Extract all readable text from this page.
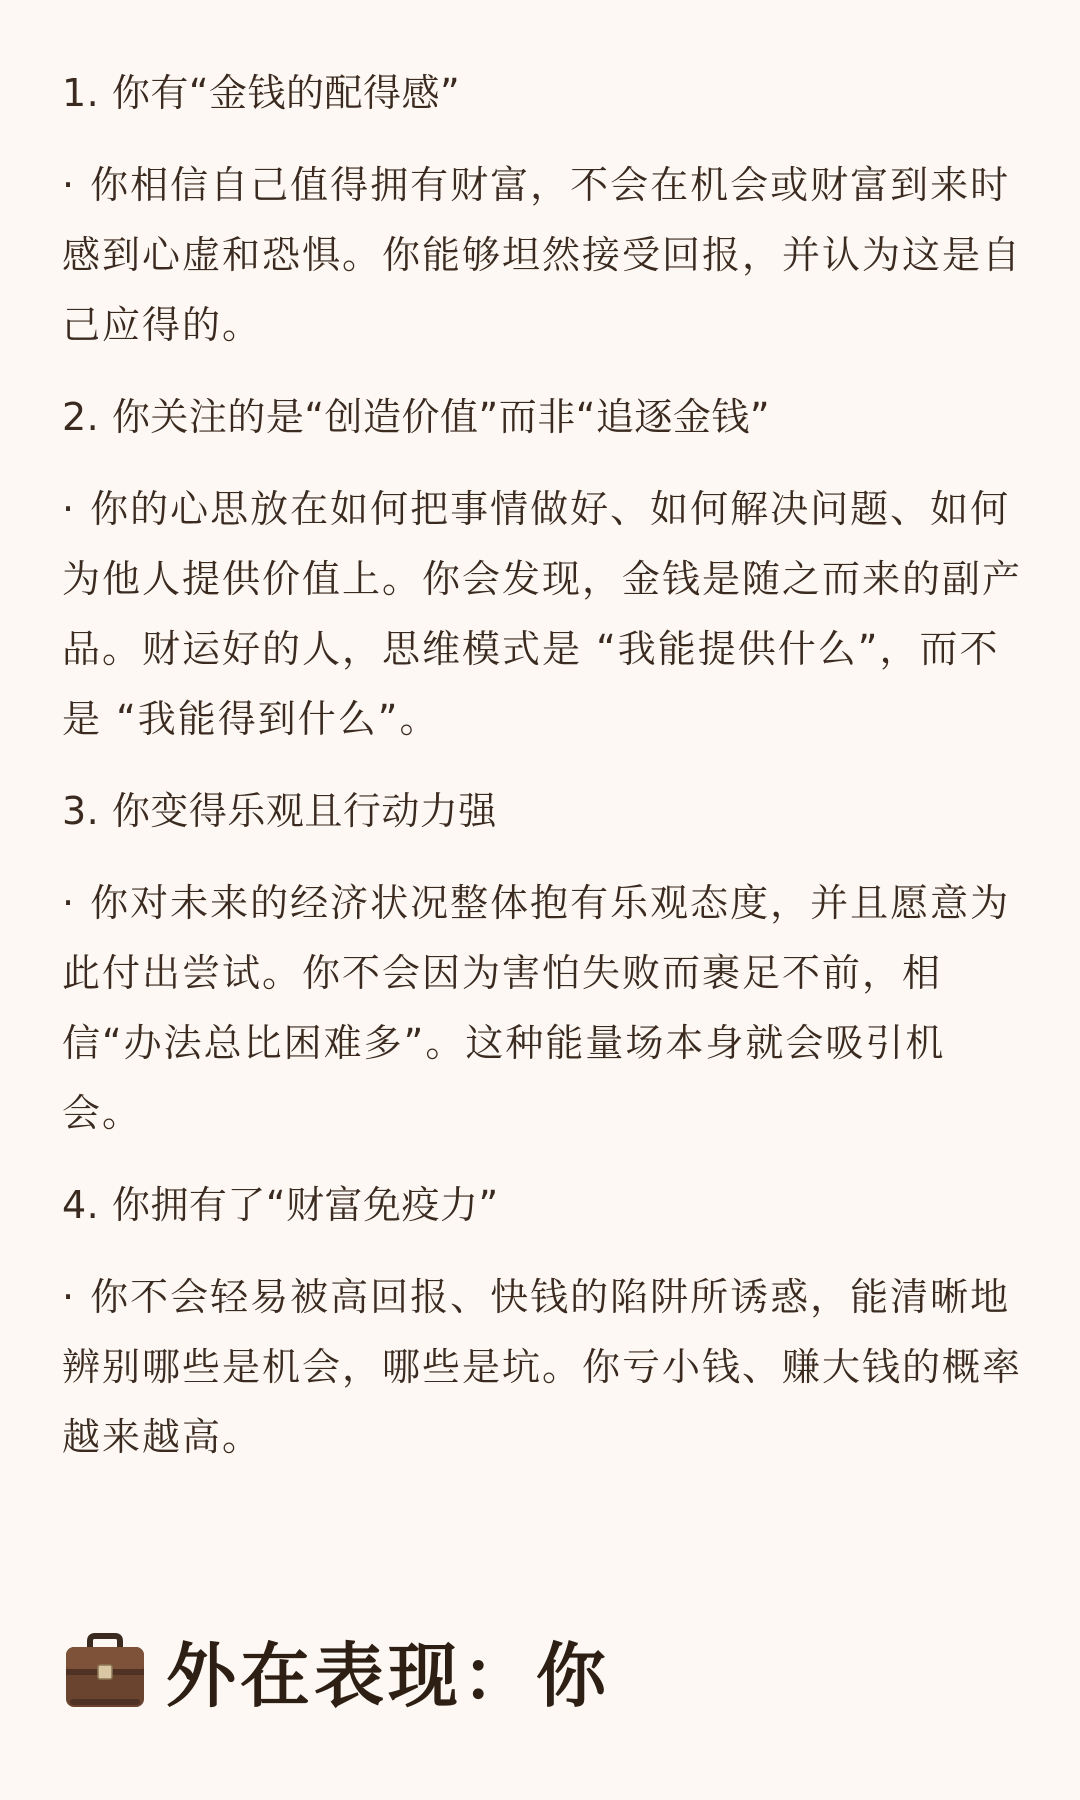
1. 你有“金钱的配得感”

· 你相信自己值得拥有财富，不会在机会或财富到来时感到心虚和恐惧。你能够坦然接受回报，并认为这是自己应得的。

2. 你关注的是“创造价值”而非“追逐金钱”

· 你的心思放在如何把事情做好、如何解决问题、如何为他人提供价值上。你会发现，金钱是随之而来的副产品。财运好的人，思维模式是 “我能提供什么”，而不是 “我能得到什么”。

3. 你变得乐观且行动力强

· 你对未来的经济状况整体抱有乐观态度，并且愿意为此付出尝试。你不会因为害怕失败而裹足不前，相信“办法总比困难多”。这种能量场本身就会吸引机会。

4. 你拥有了“财富免疫力”

· 你不会轻易被高回报、快钱的陷阱所诱惑，能清晰地辨别哪些是机会，哪些是坑。你亏小钱、赚大钱的概率越来越高。

外在表现：你
